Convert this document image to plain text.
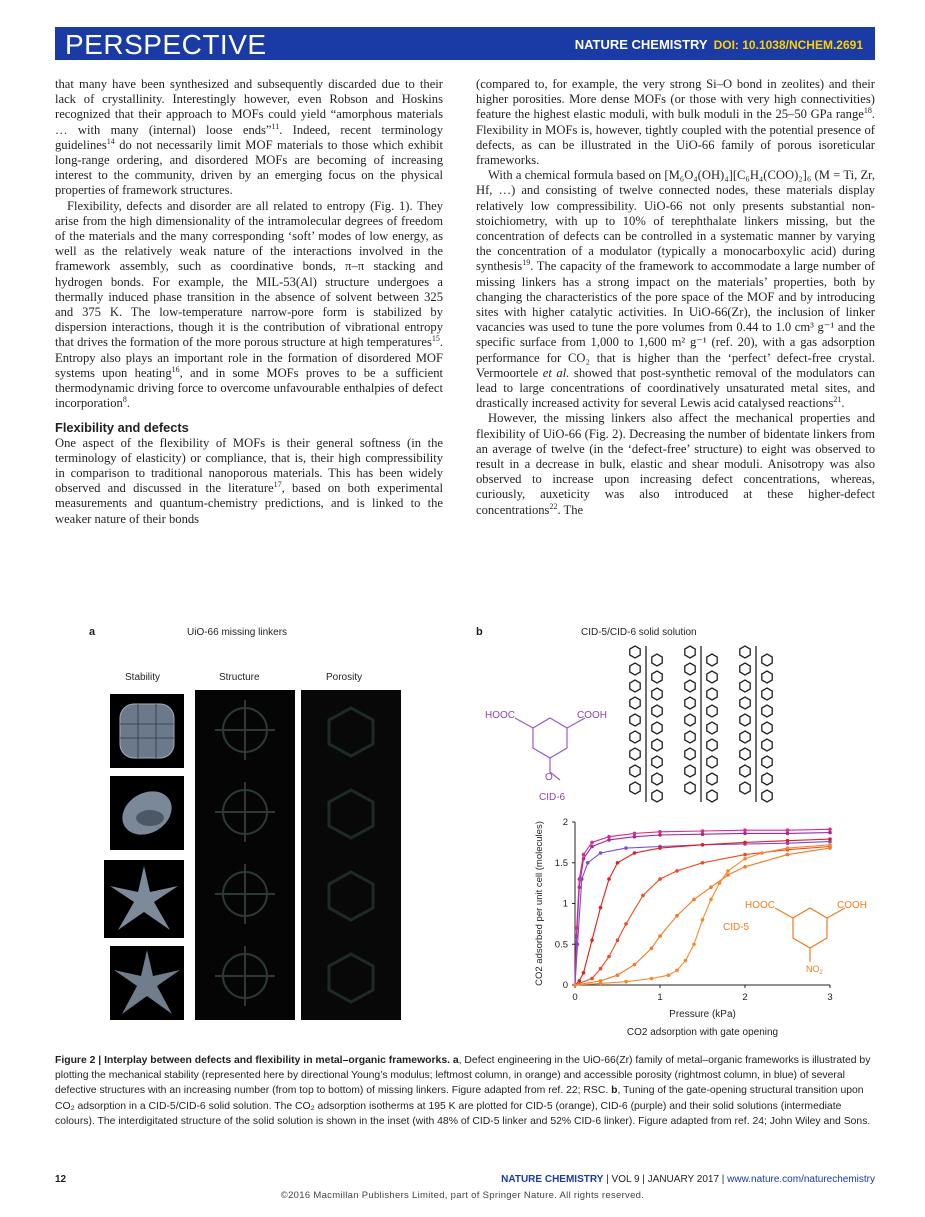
PERSPECTIVE	NATURE CHEMISTRY DOI: 10.1038/NCHEM.2691

that many have been synthesized and subsequently discarded due to their lack of crystallinity. Interestingly however, even Robson and Hoskins recognized that their approach to MOFs could yield “amorphous materials … with many (internal) loose ends”$^{11}$. Indeed, recent terminology guidelines$^{14}$ do not necessarily limit MOF materials to those which exhibit long-range ordering, and disordered MOFs are becoming of increasing interest to the community, driven by an emerging focus on the physical properties of framework structures.

Flexibility, defects and disorder are all related to entropy (Fig. 1). They arise from the high dimensionality of the intramolecular degrees of freedom of the materials and the many corresponding ‘soft’ modes of low energy, as well as the relatively weak nature of the interactions involved in the framework assembly, such as coordinative bonds, π–π stacking and hydrogen bonds. For example, the MIL-53(Al) structure undergoes a thermally induced phase transition in the absence of solvent between 325 and 375 K. The low-temperature narrow-pore form is stabilized by dispersion interactions, though it is the contribution of vibrational entropy that drives the formation of the more porous structure at high temperatures$^{15}$. Entropy also plays an important role in the formation of disordered MOF systems upon heating$^{16}$, and in some MOFs proves to be a sufficient thermodynamic driving force to overcome unfavourable enthalpies of defect incorporation$^8$.

Flexibility and defects

One aspect of the flexibility of MOFs is their general softness (in the terminology of elasticity) or compliance, that is, their high compressibility in comparison to traditional nanoporous materials. This has been widely observed and discussed in the literature$^{17}$, based on both experimental measurements and quantum-chemistry predictions, and is linked to the weaker nature of their bonds

(compared to, for example, the very strong Si–O bond in zeolites) and their higher porosities. More dense MOFs (or those with very high connectivities) feature the highest elastic moduli, with bulk moduli in the 25–50 GPa range$^{18}$. Flexibility in MOFs is, however, tightly coupled with the potential presence of defects, as can be illustrated in the UiO-66 family of porous isoreticular frameworks.

With a chemical formula based on [M₆O₄(OH)₄][C₆H₄(COO)₂]₆ (M = Ti, Zr, Hf, …) and consisting of twelve connected nodes, these materials display relatively low compressibility. UiO-66 not only presents substantial non-stoichiometry, with up to 10% of terephthalate linkers missing, but the concentration of defects can be controlled in a systematic manner by varying the concentration of a modulator (typically a monocarboxylic acid) during synthesis$^{19}$. The capacity of the framework to accommodate a large number of missing linkers has a strong impact on the materials’ properties, both by changing the characteristics of the pore space of the MOF and by introducing sites with higher catalytic activities. In UiO-66(Zr), the inclusion of linker vacancies was used to tune the pore volumes from 0.44 to 1.0 cm³ g⁻¹ and the specific surface from 1,000 to 1,600 m² g⁻¹ (ref. 20), with a gas adsorption performance for CO₂ that is higher than the ‘perfect’ defect-free crystal. Vermoortele et al. showed that post-synthetic removal of the modulators can lead to large concentrations of coordinatively unsaturated metal sites, and drastically increased activity for several Lewis acid catalysed reactions$^{21}$.

However, the missing linkers also affect the mechanical properties and flexibility of UiO-66 (Fig. 2). Decreasing the number of bidentate linkers from an average of twelve (in the ‘defect-free’ structure) to eight was observed to result in a decrease in bulk, elastic and shear moduli. Anisotropy was also observed to increase upon increasing defect concentrations, whereas, curiously, auxeticity was also introduced at these higher-defect concentrations$^{22}$. The

a	UiO-66 missing linkers
Stability	Structure	Porosity
b	CID-5/CID-6 solid solution
HOOC	COOH
O
CID-6
0	1	2	3
0
0.5
1
1.5
2
Pressure (kPa)
CO2 adsorbed per unit cell (molecules)
CO2 adsorption with gate opening
HOOC	COOH
$NO_2$
CID-5
Figure 2 | Interplay between defects and flexibility in metal–organic frameworks. a, Defect engineering in the UiO-66(Zr) family of metal–organic frameworks is illustrated by plotting the mechanical stability (represented here by directional Young’s modulus; leftmost column, in orange) and accessible porosity (rightmost column, in blue) of several defective structures with an increasing number (from top to bottom) of missing linkers. Figure adapted from ref. 22; RSC. b, Tuning of the gate-opening structural transition upon CO₂ adsorption in a CID-5/CID-6 solid solution. The CO₂ adsorption isotherms at 195 K are plotted for CID-5 (orange), CID-6 (purple) and their solid solutions (intermediate colours). The interdigitated structure of the solid solution is shown in the inset (with 48% of CID-5 linker and 52% CID-6 linker). Figure adapted from ref. 24; John Wiley and Sons.
12	NATURE CHEMISTRY | VOL 9 | JANUARY 2017 | www.nature.com/naturechemistry
©2016 Macmillan Publishers Limited, part of Springer Nature. All rights reserved.
